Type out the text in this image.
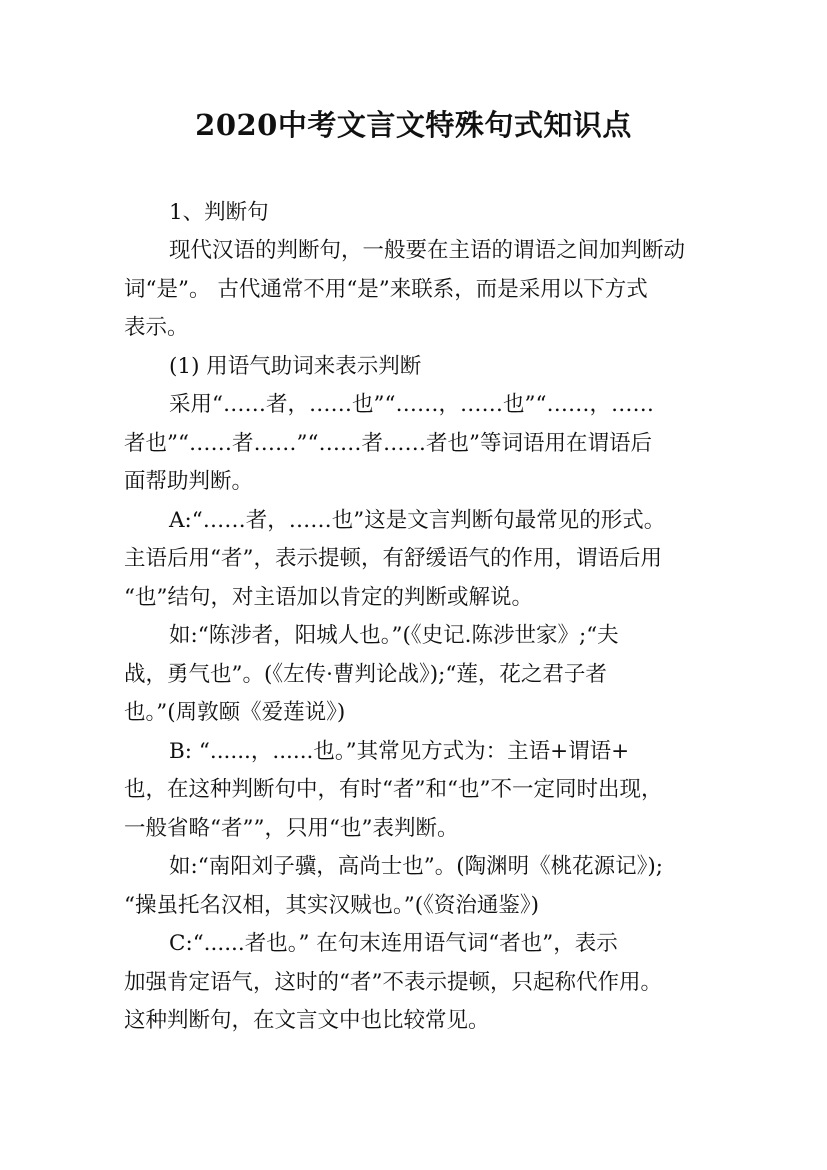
2020中考文言文特殊句式知识点
1、判断句
现代汉语的判断句，一般要在主语的谓语之间加判断动
词“是”。 古代通常不用“是”来联系，而是采用以下方式
表示。
(1) 用语气助词来表示判断
采用“……者，……也”“……，……也”“……，……
者也”“……者……”“……者……者也”等词语用在谓语后
面帮助判断。
A:“……者，……也”这是文言判断句最常见的形式。
主语后用“者”，表示提顿，有舒缓语气的作用，谓语后用
“也”结句，对主语加以肯定的判断或解说。
如:“陈涉者，阳城人也。”(《史记.陈涉世家》;“夫
战，勇气也”。(《左传·曹判论战》);“莲，花之君子者
也。”(周敦颐《爱莲说》)
B: “......，......也。”其常见方式为：主语+谓语+
也，在这种判断句中，有时“者”和“也”不一定同时出现，
一般省略“者””，只用“也”表判断。
如:“南阳刘子骥，高尚士也”。(陶渊明《桃花源记》);
“操虽托名汉相，其实汉贼也。”(《资治通鉴》)
C:“......者也。” 在句末连用语气词“者也”，表示
加强肯定语气，这时的“者”不表示提顿，只起称代作用。
这种判断句，在文言文中也比较常见。
